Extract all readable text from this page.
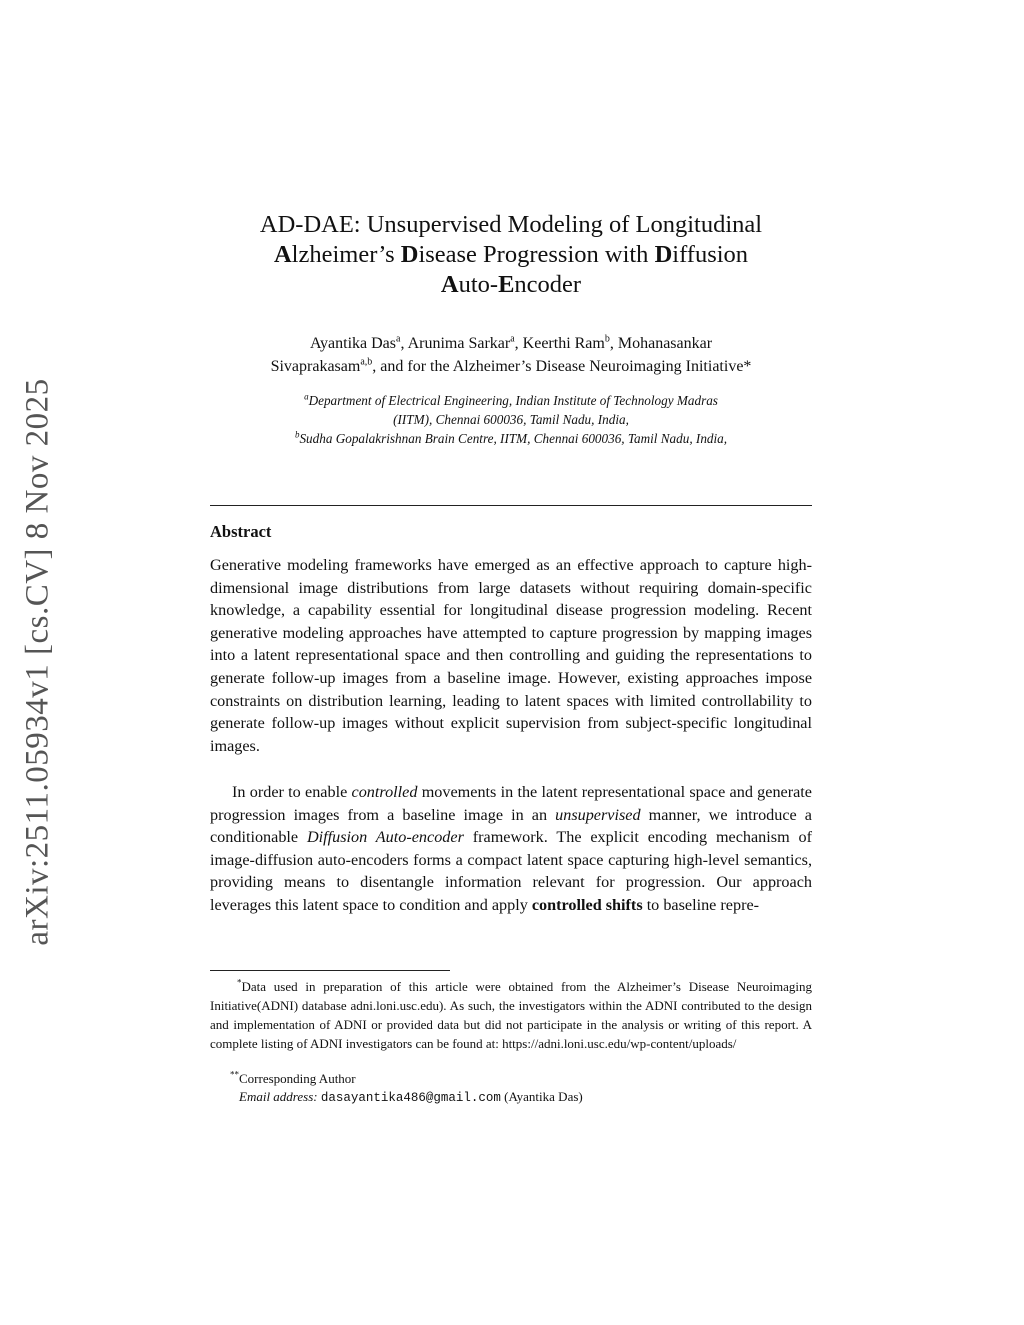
arXiv:2511.05934v1 [cs.CV] 8 Nov 2025
AD-DAE: Unsupervised Modeling of Longitudinal
Alzheimer’s Disease Progression with Diffusion
Auto-Encoder
Ayantika Das$^a$, Arunima Sarkar$^a$, Keerthi Ram$^b$, Mohanasankar
Sivaprakasam$^{a,b}$, and for the Alzheimer’s Disease Neuroimaging Initiative*
$^a$Department of Electrical Engineering, Indian Institute of Technology Madras
(IITM), Chennai 600036, Tamil Nadu, India,
$^b$Sudha Gopalakrishnan Brain Centre, IITM, Chennai 600036, Tamil Nadu, India,
Abstract

Generative modeling frameworks have emerged as an effective approach to capture high-dimensional image distributions from large datasets without requiring domain-specific knowledge, a capability essential for longitudinal disease progression modeling. Recent generative modeling approaches have attempted to capture progression by mapping images into a latent representational space and then controlling and guiding the representations to generate follow-up images from a baseline image. However, existing approaches impose constraints on distribution learning, leading to latent spaces with limited controllability to generate follow-up images without explicit supervision from subject-specific longitudinal images.

In order to enable controlled movements in the latent representational space and generate progression images from a baseline image in an unsupervised manner, we introduce a conditionable Diffusion Auto-encoder framework. The explicit encoding mechanism of image-diffusion auto-encoders forms a compact latent space capturing high-level semantics, providing means to disentangle information relevant for progression. Our approach leverages this latent space to condition and apply controlled shifts to baseline repre-

*Data used in preparation of this article were obtained from the Alzheimer’s Disease Neuroimaging Initiative(ADNI) database adni.loni.usc.edu). As such, the investigators within the ADNI contributed to the design and implementation of ADNI or provided data but did not participate in the analysis or writing of this report. A complete listing of ADNI investigators can be found at: https://adni.loni.usc.edu/wp-content/uploads/

**Corresponding Author

Email address: dasayantika486@gmail.com (Ayantika Das)
